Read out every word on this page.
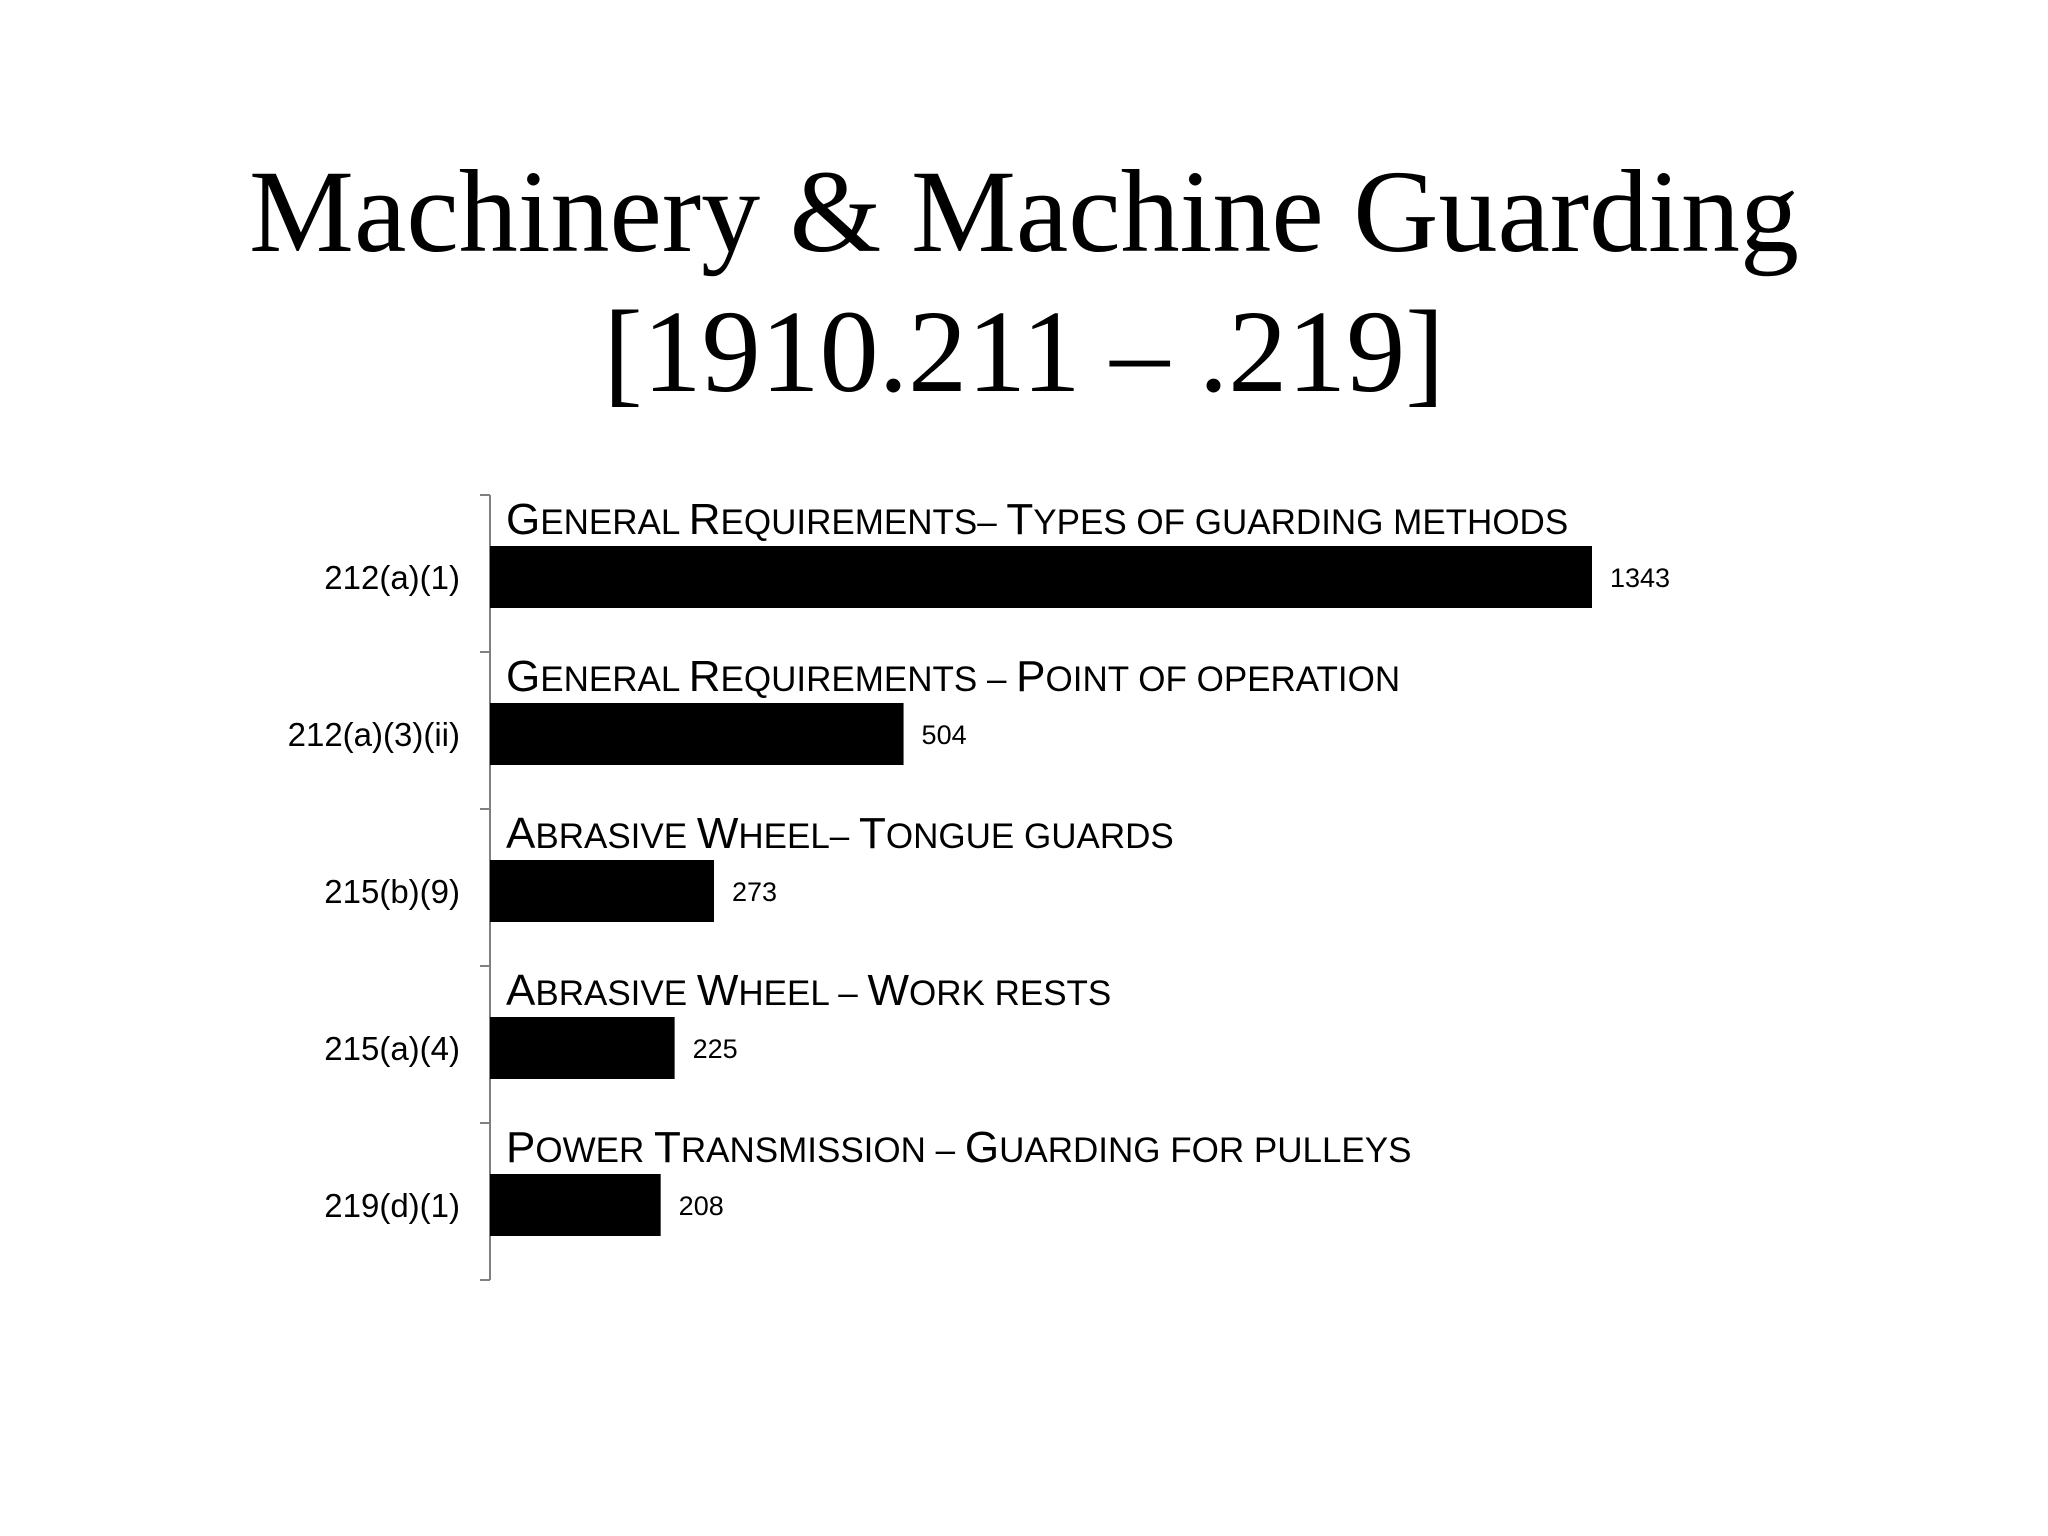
Machinery & Machine Guarding
[1910.211 – .219]
212(a)(1)	1343
GENERAL REQUIREMENTS– TYPES OF GUARDING METHODS
212(a)(3)(ii)	504
GENERAL REQUIREMENTS – POINT OF OPERATION
215(b)(9)	273
ABRASIVE WHEEL– TONGUE GUARDS
215(a)(4)	225
ABRASIVE WHEEL – WORK RESTS
219(d)(1)	208
POWER TRANSMISSION – GUARDING FOR PULLEYS
